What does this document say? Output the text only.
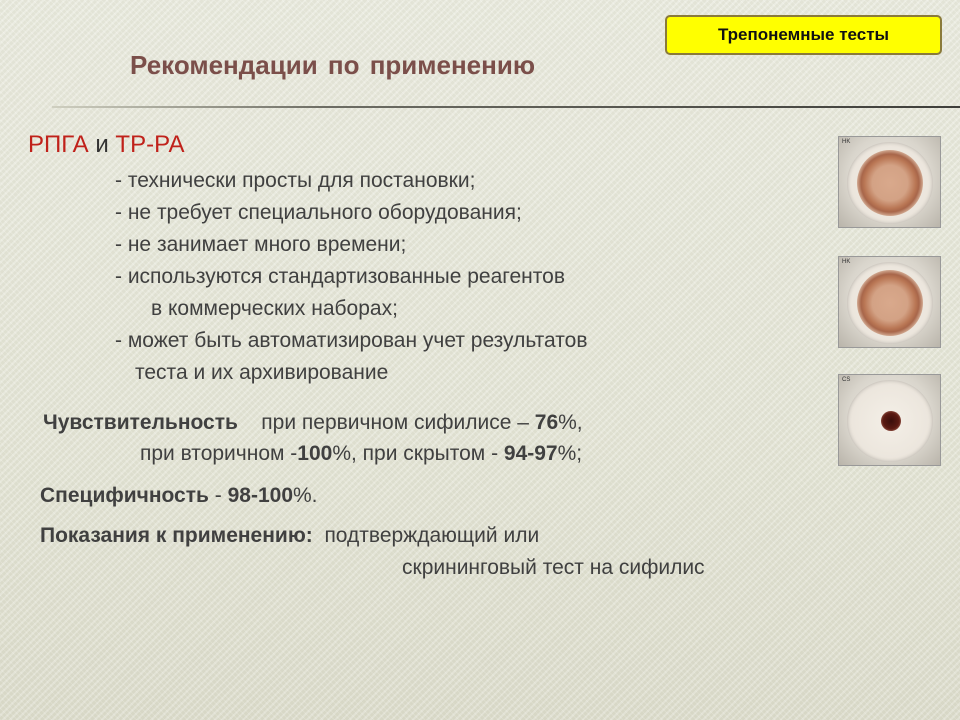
Трепонемные тесты
Рекомендации по применению

РПГА и ТР-РА

- технически просты для постановки;
- не требует специального оборудования;
- не занимает много времени;
- используются стандартизованные реагентов
в коммерческих наборах;
- может быть автоматизирован учет результатов
теста и их архивирование
Чувствительность при первичном сифилисе – 76%,
при вторичном -100%, при скрытом - 94-97%;
Специфичность - 98-100%.
Показания к применению: подтверждающий или
скрининговый тест на сифилис
HK
HK
CS
